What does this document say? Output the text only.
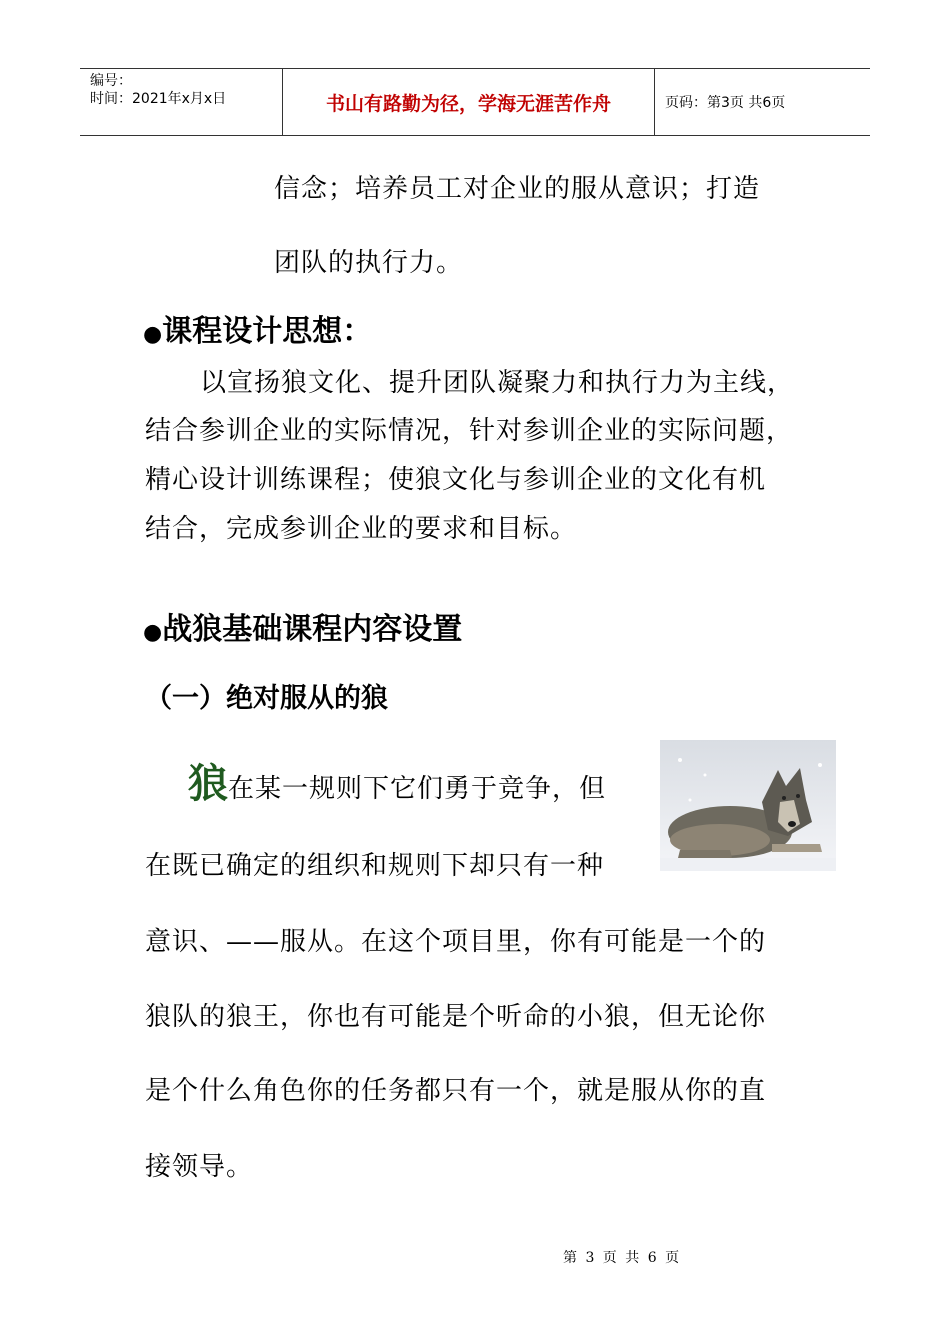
编号：
时间：2021年x月x日	书山有路勤为径，学海无涯苦作舟	页码：第3页 共6页
信念；培养员工对企业的服从意识；打造
团队的执行力。
●课程设计思想：
以宣扬狼文化、提升团队凝聚力和执行力为主线，
结合参训企业的实际情况，针对参训企业的实际问题，
精心设计训练课程；使狼文化与参训企业的文化有机
结合，完成参训企业的要求和目标。
●战狼基础课程内容设置
（一）绝对服从的狼
狼在某一规则下它们勇于竞争，但
在既已确定的组织和规则下却只有一种
意识、——服从。在这个项目里，你有可能是一个的
狼队的狼王，你也有可能是个听命的小狼，但无论你
是个什么角色你的任务都只有一个，就是服从你的直
接领导。
第 3 页 共 6 页
